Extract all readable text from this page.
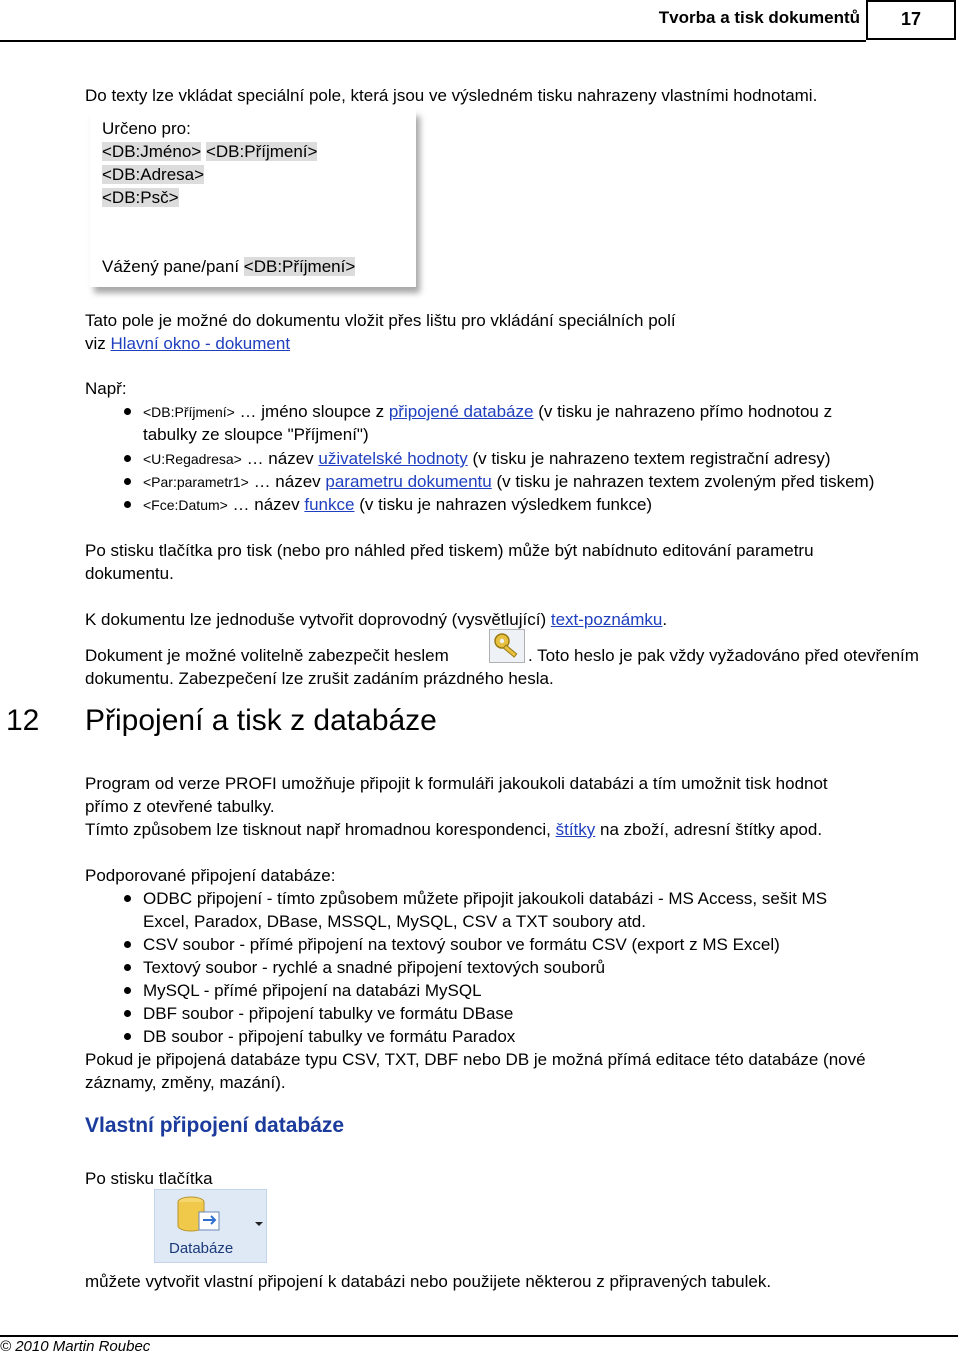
Tvorba a tisk dokumentů	17
Do texty lze vkládat speciální pole, která jsou ve výsledném tisku nahrazeny vlastními hodnotami.
Určeno pro:
<DB:Jméno> <DB:Příjmení>
<DB:Adresa>
<DB:Psč>
Vážený pane/paní <DB:Příjmení>
Tato pole je možné do dokumentu vložit přes lištu pro vkládání speciálních polí
viz Hlavní okno - dokument
Např:
<DB:Příjmení> … jméno sloupce z připojené databáze (v tisku je nahrazeno přímo hodnotou z
tabulky ze sloupce "Příjmení")
<U:Regadresa> … název uživatelské hodnoty (v tisku je nahrazeno textem registrační adresy)
<Par:parametr1> … název parametru dokumentu (v tisku je nahrazen textem zvoleným před tiskem)
<Fce:Datum> … název funkce (v tisku je nahrazen výsledkem funkce)
Po stisku tlačítka pro tisk (nebo pro náhled před tiskem) může být nabídnuto editování parametru
dokumentu.
K dokumentu lze jednoduše vytvořit doprovodný (vysvětlující) text-poznámku.
Dokument je možné volitelně zabezpečit heslem	. Toto heslo je pak vždy vyžadováno před otevřením
dokumentu. Zabezpečení lze zrušit zadáním prázdného hesla.
12 Připojení a tisk z databáze
Program od verze PROFI umožňuje připojit k formuláři jakoukoli databázi a tím umožnit tisk hodnot
přímo z otevřené tabulky.
Tímto způsobem lze tisknout např hromadnou korespondenci, štítky na zboží, adresní štítky apod.
Podporované připojení databáze:
ODBC připojení - tímto způsobem můžete připojit jakoukoli databázi - MS Access, sešit MS
Excel, Paradox, DBase, MSSQL, MySQL, CSV a TXT soubory atd.
CSV soubor - přímé připojení na textový soubor ve formátu CSV (export z MS Excel)
Textový soubor - rychlé a snadné připojení textových souborů
MySQL - přímé připojení na databázi MySQL
DBF soubor - připojení tabulky ve formátu DBase
DB soubor - připojení tabulky ve formátu Paradox
Pokud je připojená databáze typu CSV, TXT, DBF nebo DB je možná přímá editace této databáze (nové
záznamy, změny, mazání).
Vlastní připojení databáze
Po stisku tlačítka
Databáze
můžete vytvořit vlastní připojení k databázi nebo použijete některou z připravených tabulek.
© 2010 Martin Roubec
